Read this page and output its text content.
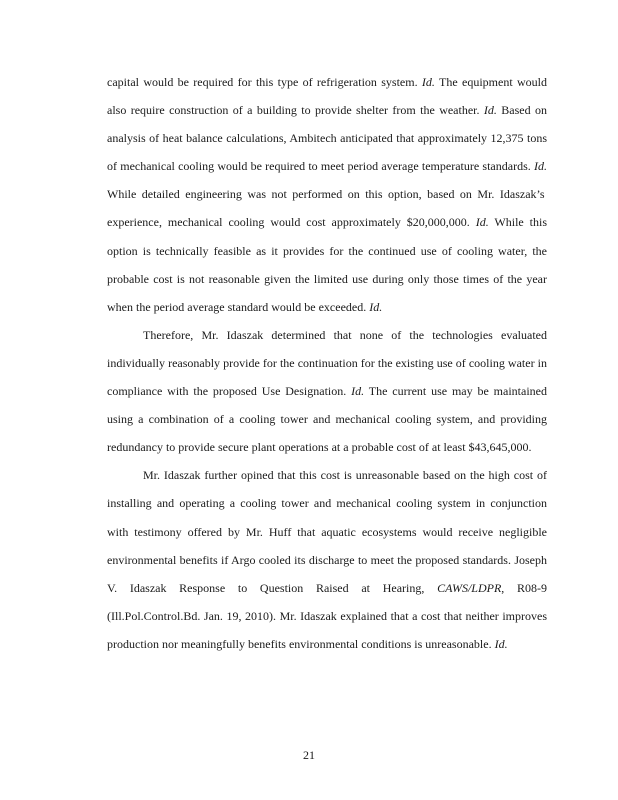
capital would be required for this type of refrigeration system. Id. The equipment would also require construction of a building to provide shelter from the weather. Id. Based on analysis of heat balance calculations, Ambitech anticipated that approximately 12,375 tons of mechanical cooling would be required to meet period average temperature standards. Id. While detailed engineering was not performed on this option, based on Mr. Idaszak’s experience, mechanical cooling would cost approximately $20,000,000. Id. While this option is technically feasible as it provides for the continued use of cooling water, the probable cost is not reasonable given the limited use during only those times of the year when the period average standard would be exceeded. Id.

Therefore, Mr. Idaszak determined that none of the technologies evaluated individually reasonably provide for the continuation for the existing use of cooling water in compliance with the proposed Use Designation. Id. The current use may be maintained using a combination of a cooling tower and mechanical cooling system, and providing redundancy to provide secure plant operations at a probable cost of at least $43,645,000.

Mr. Idaszak further opined that this cost is unreasonable based on the high cost of installing and operating a cooling tower and mechanical cooling system in conjunction with testimony offered by Mr. Huff that aquatic ecosystems would receive negligible environmental benefits if Argo cooled its discharge to meet the proposed standards. Joseph V. Idaszak Response to Question Raised at Hearing, CAWS/LDPR, R08-9 (Ill.Pol.Control.Bd. Jan. 19, 2010). Mr. Idaszak explained that a cost that neither improves production nor meaningfully benefits environmental conditions is unreasonable. Id.

21
